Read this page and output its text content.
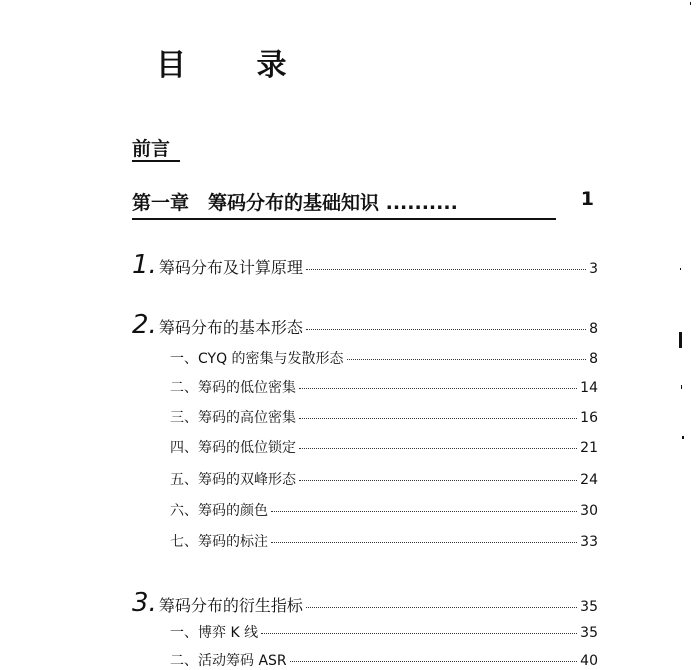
目 录
前言
第一章　筹码分布的基础知识 ..........	1
1. 筹码分布及计算原理	3
2. 筹码分布的基本形态	8
一、CYQ 的密集与发散形态	8
二、筹码的低位密集	14
三、筹码的高位密集	16
四、筹码的低位锁定	21
五、筹码的双峰形态	24
六、筹码的颜色	30
七、筹码的标注	33
3. 筹码分布的衍生指标	35
一、博弈 K 线	35
二、活动筹码 ASR	40
